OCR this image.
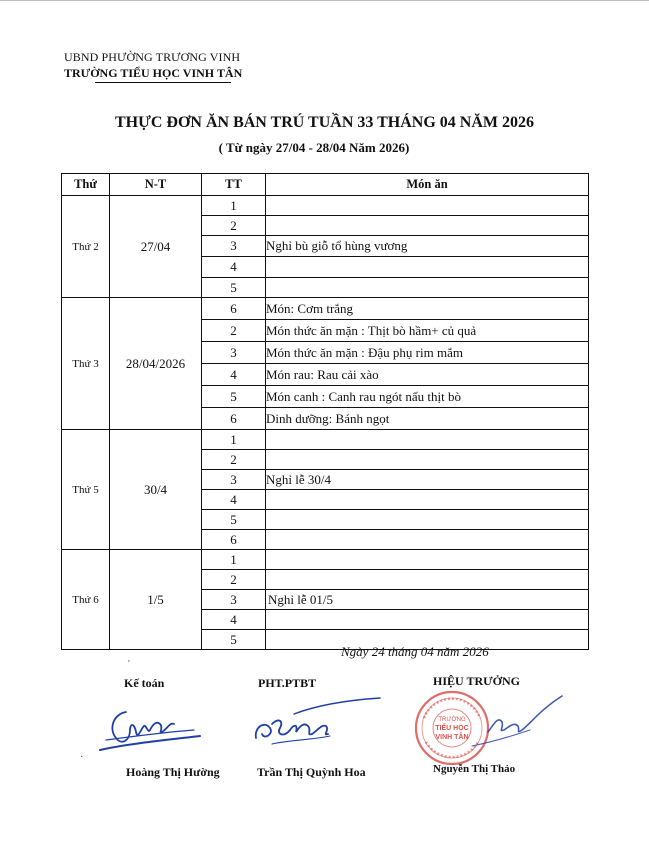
UBND PHƯỜNG TRƯƠNG VINH
TRƯỜNG TIỂU HỌC VINH TÂN
THỰC ĐƠN ĂN BÁN TRÚ TUẦN 33 THÁNG 04 NĂM 2026
( Từ ngày 27/04 - 28/04 Năm 2026)
Thứ	N-T	TT	Món ăn
Thứ 2	27/04	1	
		2	
		3	Nghỉ bù giỗ tổ hùng vương
		4	
		5	
Thứ 3	28/04/2026	6	Món: Cơm trắng
		2	Món thức ăn mặn : Thịt bò hầm+ củ quả
		3	Món thức ăn mặn : Đậu phụ rim mắm
		4	Món rau: Rau cải xào
		5	Món canh : Canh rau ngót nấu thịt bò
		6	Dinh dưỡng: Bánh ngọt
Thứ 5	30/4	1	
		2	
		3	Nghỉ lễ 30/4
		4	
		5	
		6	
Thứ 6	1/5	1	
		2	
		3	Nghỉ lễ 01/5
		4	
		5	
Ngày 24 tháng 04 năm 2026
'
·
Kế toán
Hoàng Thị Hường
PHT.PTBT
Trần Thị Quỳnh Hoa
HIỆU TRƯỞNG
TRƯỜNG
TIỂU HỌC
VINH TÂN
Nguyễn Thị Thảo
